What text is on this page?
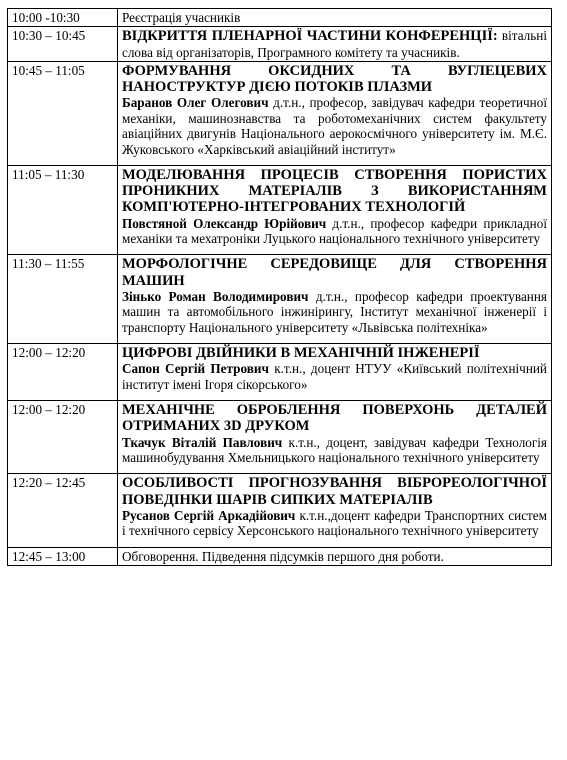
10:00 -10:30	Реєстрація учасників
10:30 – 10:45	ВІДКРИТТЯ ПЛЕНАРНОЇ ЧАСТИНИ КОНФЕРЕНЦІЇ: вітальні слова від організаторів, Програмного комітету та учасників.
10:45 – 11:05	ФОРМУВАННЯ ОКСИДНИХ ТА ВУГЛЕЦЕВИХ НАНОСТРУКТУР ДІЄЮ ПОТОКІВ ПЛАЗМИ
Баранов Олег Олегович д.т.н., професор, завідувач кафедри теоретичної механіки, машинознавства та роботомеханічних систем факультету авіаційних двигунів Національного аерокосмічного університету ім. М.Є. Жуковського «Харківський авіаційний інститут»

11:05 – 11:30	МОДЕЛЮВАННЯ ПРОЦЕСІВ СТВОРЕННЯ ПОРИСТИХ ПРОНИКНИХ МАТЕРІАЛІВ З ВИКОРИСТАННЯМ КОМП'ЮТЕРНО-ІНТЕГРОВАНИХ ТЕХНОЛОГІЙ
Повстяной Олександр Юрійович д.т.н., професор кафедри прикладної механіки та мехатроніки Луцького національного технічного університету

11:30 – 11:55	МОРФОЛОГІЧНЕ СЕРЕДОВИЩЕ ДЛЯ СТВОРЕННЯ МАШИН
Зінько Роман Володимирович д.т.н., професор кафедри проектування машин та автомобільного інжинірингу, Інститут механічної інженерії і транспорту Національного університету «Львівська політехніка»

12:00 – 12:20	ЦИФРОВІ ДВІЙНИКИ В МЕХАНІЧНІЙ ІНЖЕНЕРІЇ
Сапон Сергій Петрович к.т.н., доцент НТУУ «Київський політехнічний інститут імені Ігоря сікорського»

12:00 – 12:20	МЕХАНІЧНЕ ОБРОБЛЕННЯ ПОВЕРХОНЬ ДЕТАЛЕЙ ОТРИМАНИХ 3D ДРУКОМ
Ткачук Віталій Павлович к.т.н., доцент, завідувач кафедри Технологія машинобудування Хмельницького національного технічного університету

12:20 – 12:45	ОСОБЛИВОСТІ ПРОГНОЗУВАННЯ ВІБРОРЕОЛОГІЧНОЇ ПОВЕДІНКИ ШАРІВ СИПКИХ МАТЕРІАЛІВ
Русанов Сергій Аркадійович к.т.н.,доцент кафедри Транспортних систем і технічного сервісу Херсонського національного технічного університету

12:45 – 13:00	Обговорення. Підведення підсумків першого дня роботи.
